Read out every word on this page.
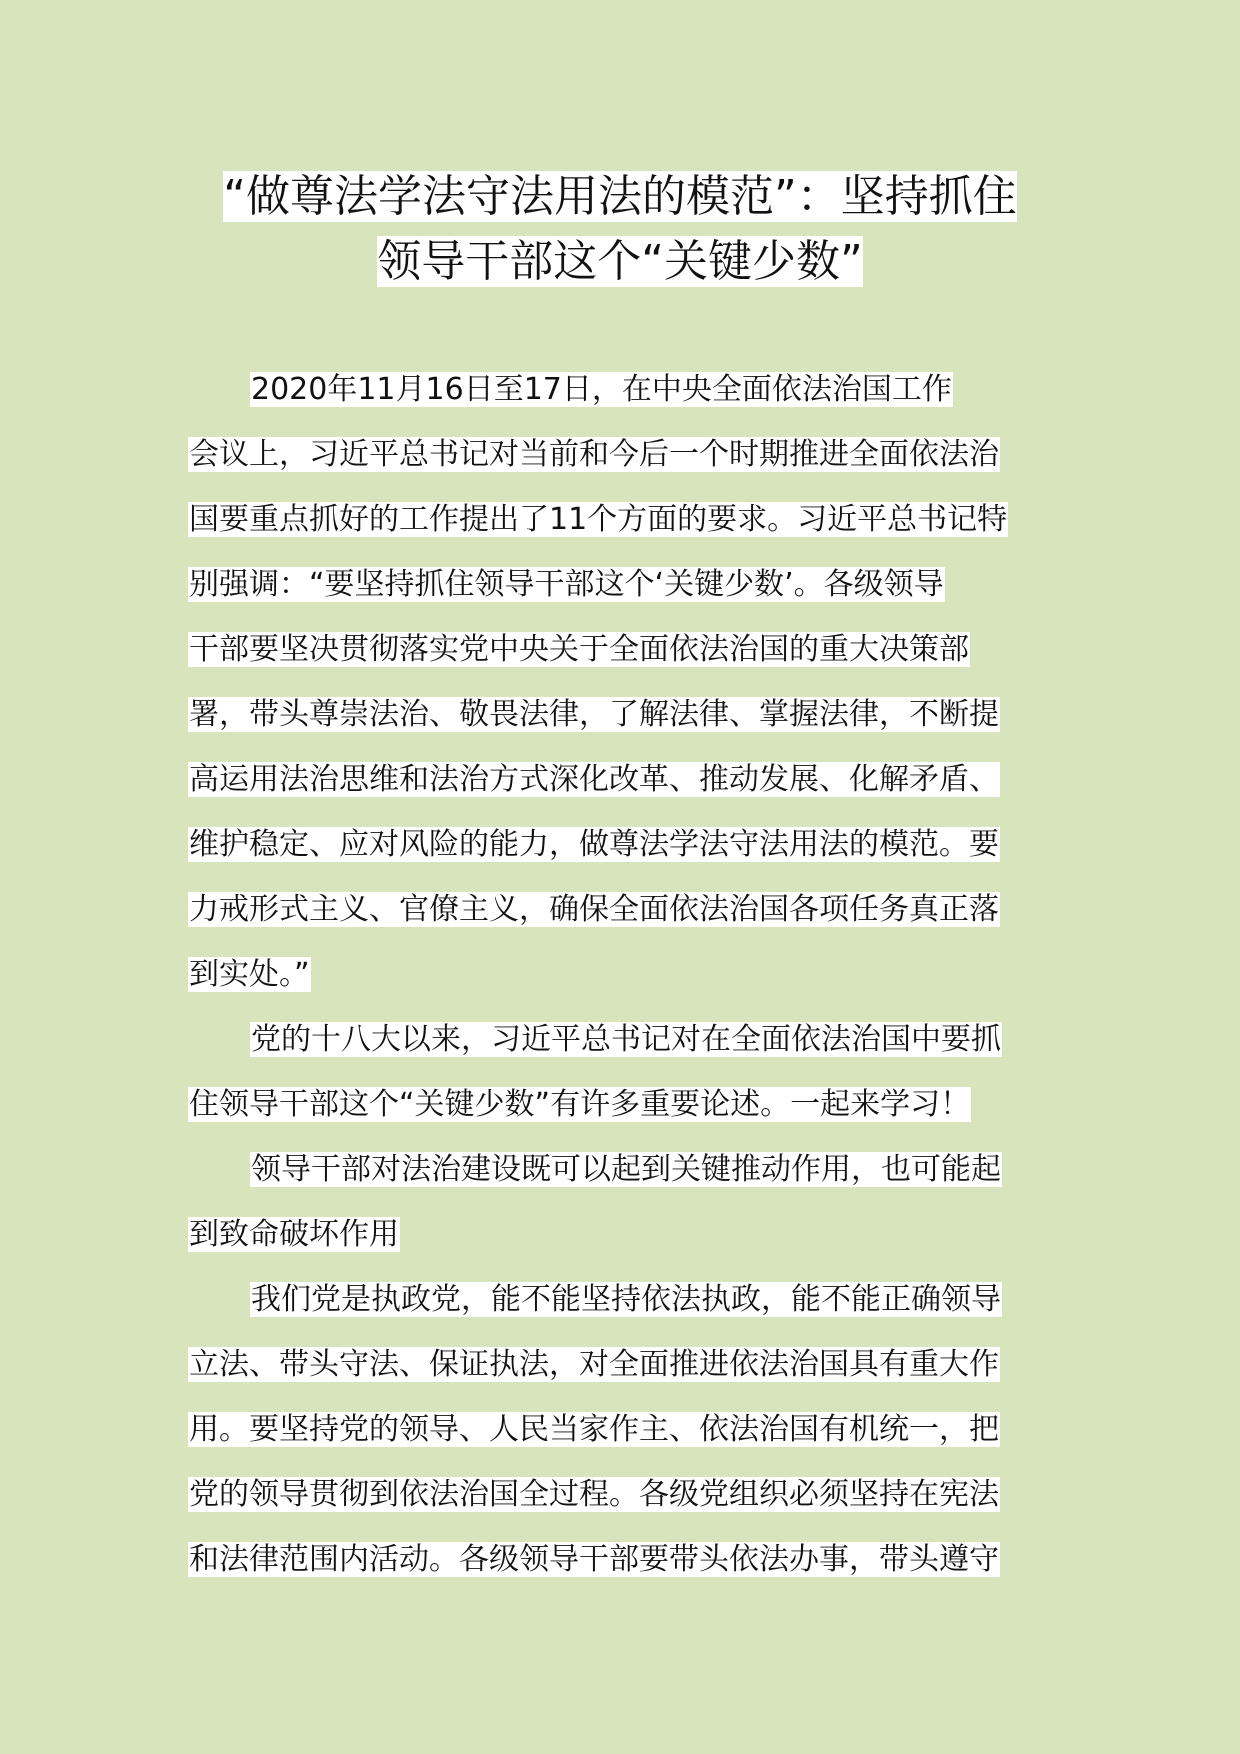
“做尊法学法守法用法的模范”：坚持抓住
领导干部这个“关键少数”
2020年11月16日至17日，在中央全面依法治国工作
会议上，习近平总书记对当前和今后一个时期推进全面依法治
国要重点抓好的工作提出了11个方面的要求。习近平总书记特
别强调：“要坚持抓住领导干部这个‘关键少数’。各级领导
干部要坚决贯彻落实党中央关于全面依法治国的重大决策部
署，带头尊崇法治、敬畏法律，了解法律、掌握法律，不断提
高运用法治思维和法治方式深化改革、推动发展、化解矛盾、
维护稳定、应对风险的能力，做尊法学法守法用法的模范。要
力戒形式主义、官僚主义，确保全面依法治国各项任务真正落
到实处。”
党的十八大以来，习近平总书记对在全面依法治国中要抓
住领导干部这个“关键少数”有许多重要论述。一起来学习！
领导干部对法治建设既可以起到关键推动作用，也可能起
到致命破坏作用
我们党是执政党，能不能坚持依法执政，能不能正确领导
立法、带头守法、保证执法，对全面推进依法治国具有重大作
用。要坚持党的领导、人民当家作主、依法治国有机统一，把
党的领导贯彻到依法治国全过程。各级党组织必须坚持在宪法
和法律范围内活动。各级领导干部要带头依法办事，带头遵守
